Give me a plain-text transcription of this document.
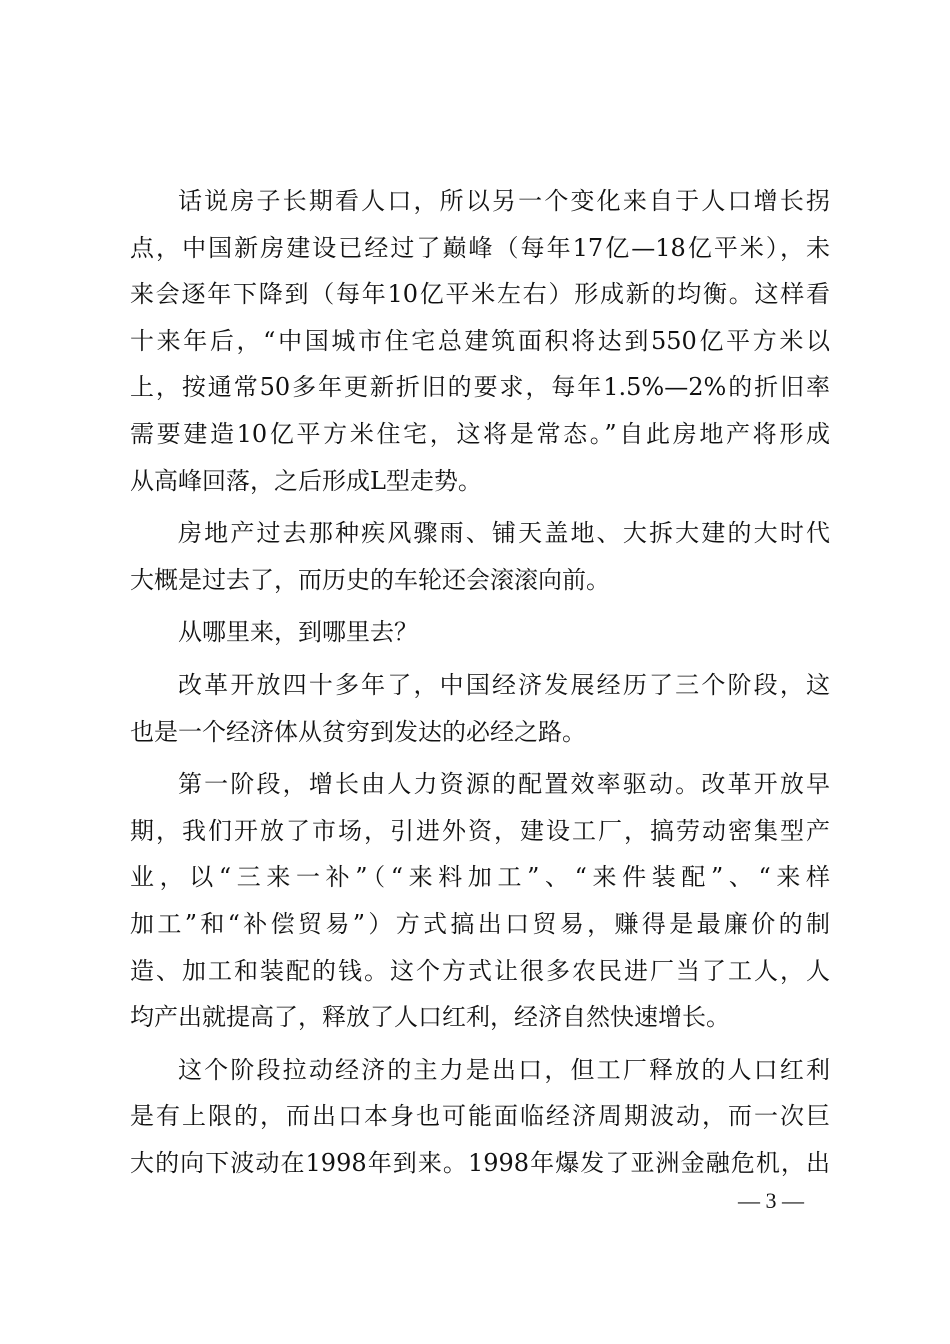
话说房子长期看人口，所以另一个变化来自于人口增长拐
点，中国新房建设已经过了巅峰（每年17亿—18亿平米），未
来会逐年下降到（每年10亿平米左右）形成新的均衡。这样看
十来年后，“中国城市住宅总建筑面积将达到550亿平方米以
上，按通常50多年更新折旧的要求，每年1.5%—2%的折旧率
需要建造10亿平方米住宅，这将是常态。”自此房地产将形成
从高峰回落，之后形成L型走势。
房地产过去那种疾风骤雨、铺天盖地、大拆大建的大时代
大概是过去了，而历史的车轮还会滚滚向前。
从哪里来，到哪里去？
改革开放四十多年了，中国经济发展经历了三个阶段，这
也是一个经济体从贫穷到发达的必经之路。
第一阶段，增长由人力资源的配置效率驱动。改革开放早
期，我们开放了市场，引进外资，建设工厂，搞劳动密集型产
业，以“三来一补”（“来料加工”、“来件装配”、“来样
加工”和“补偿贸易”）方式搞出口贸易，赚得是最廉价的制
造、加工和装配的钱。这个方式让很多农民进厂当了工人，人
均产出就提高了，释放了人口红利，经济自然快速增长。
这个阶段拉动经济的主力是出口，但工厂释放的人口红利
是有上限的，而出口本身也可能面临经济周期波动，而一次巨
大的向下波动在1998年到来。1998年爆发了亚洲金融危机，出
— 3 —
